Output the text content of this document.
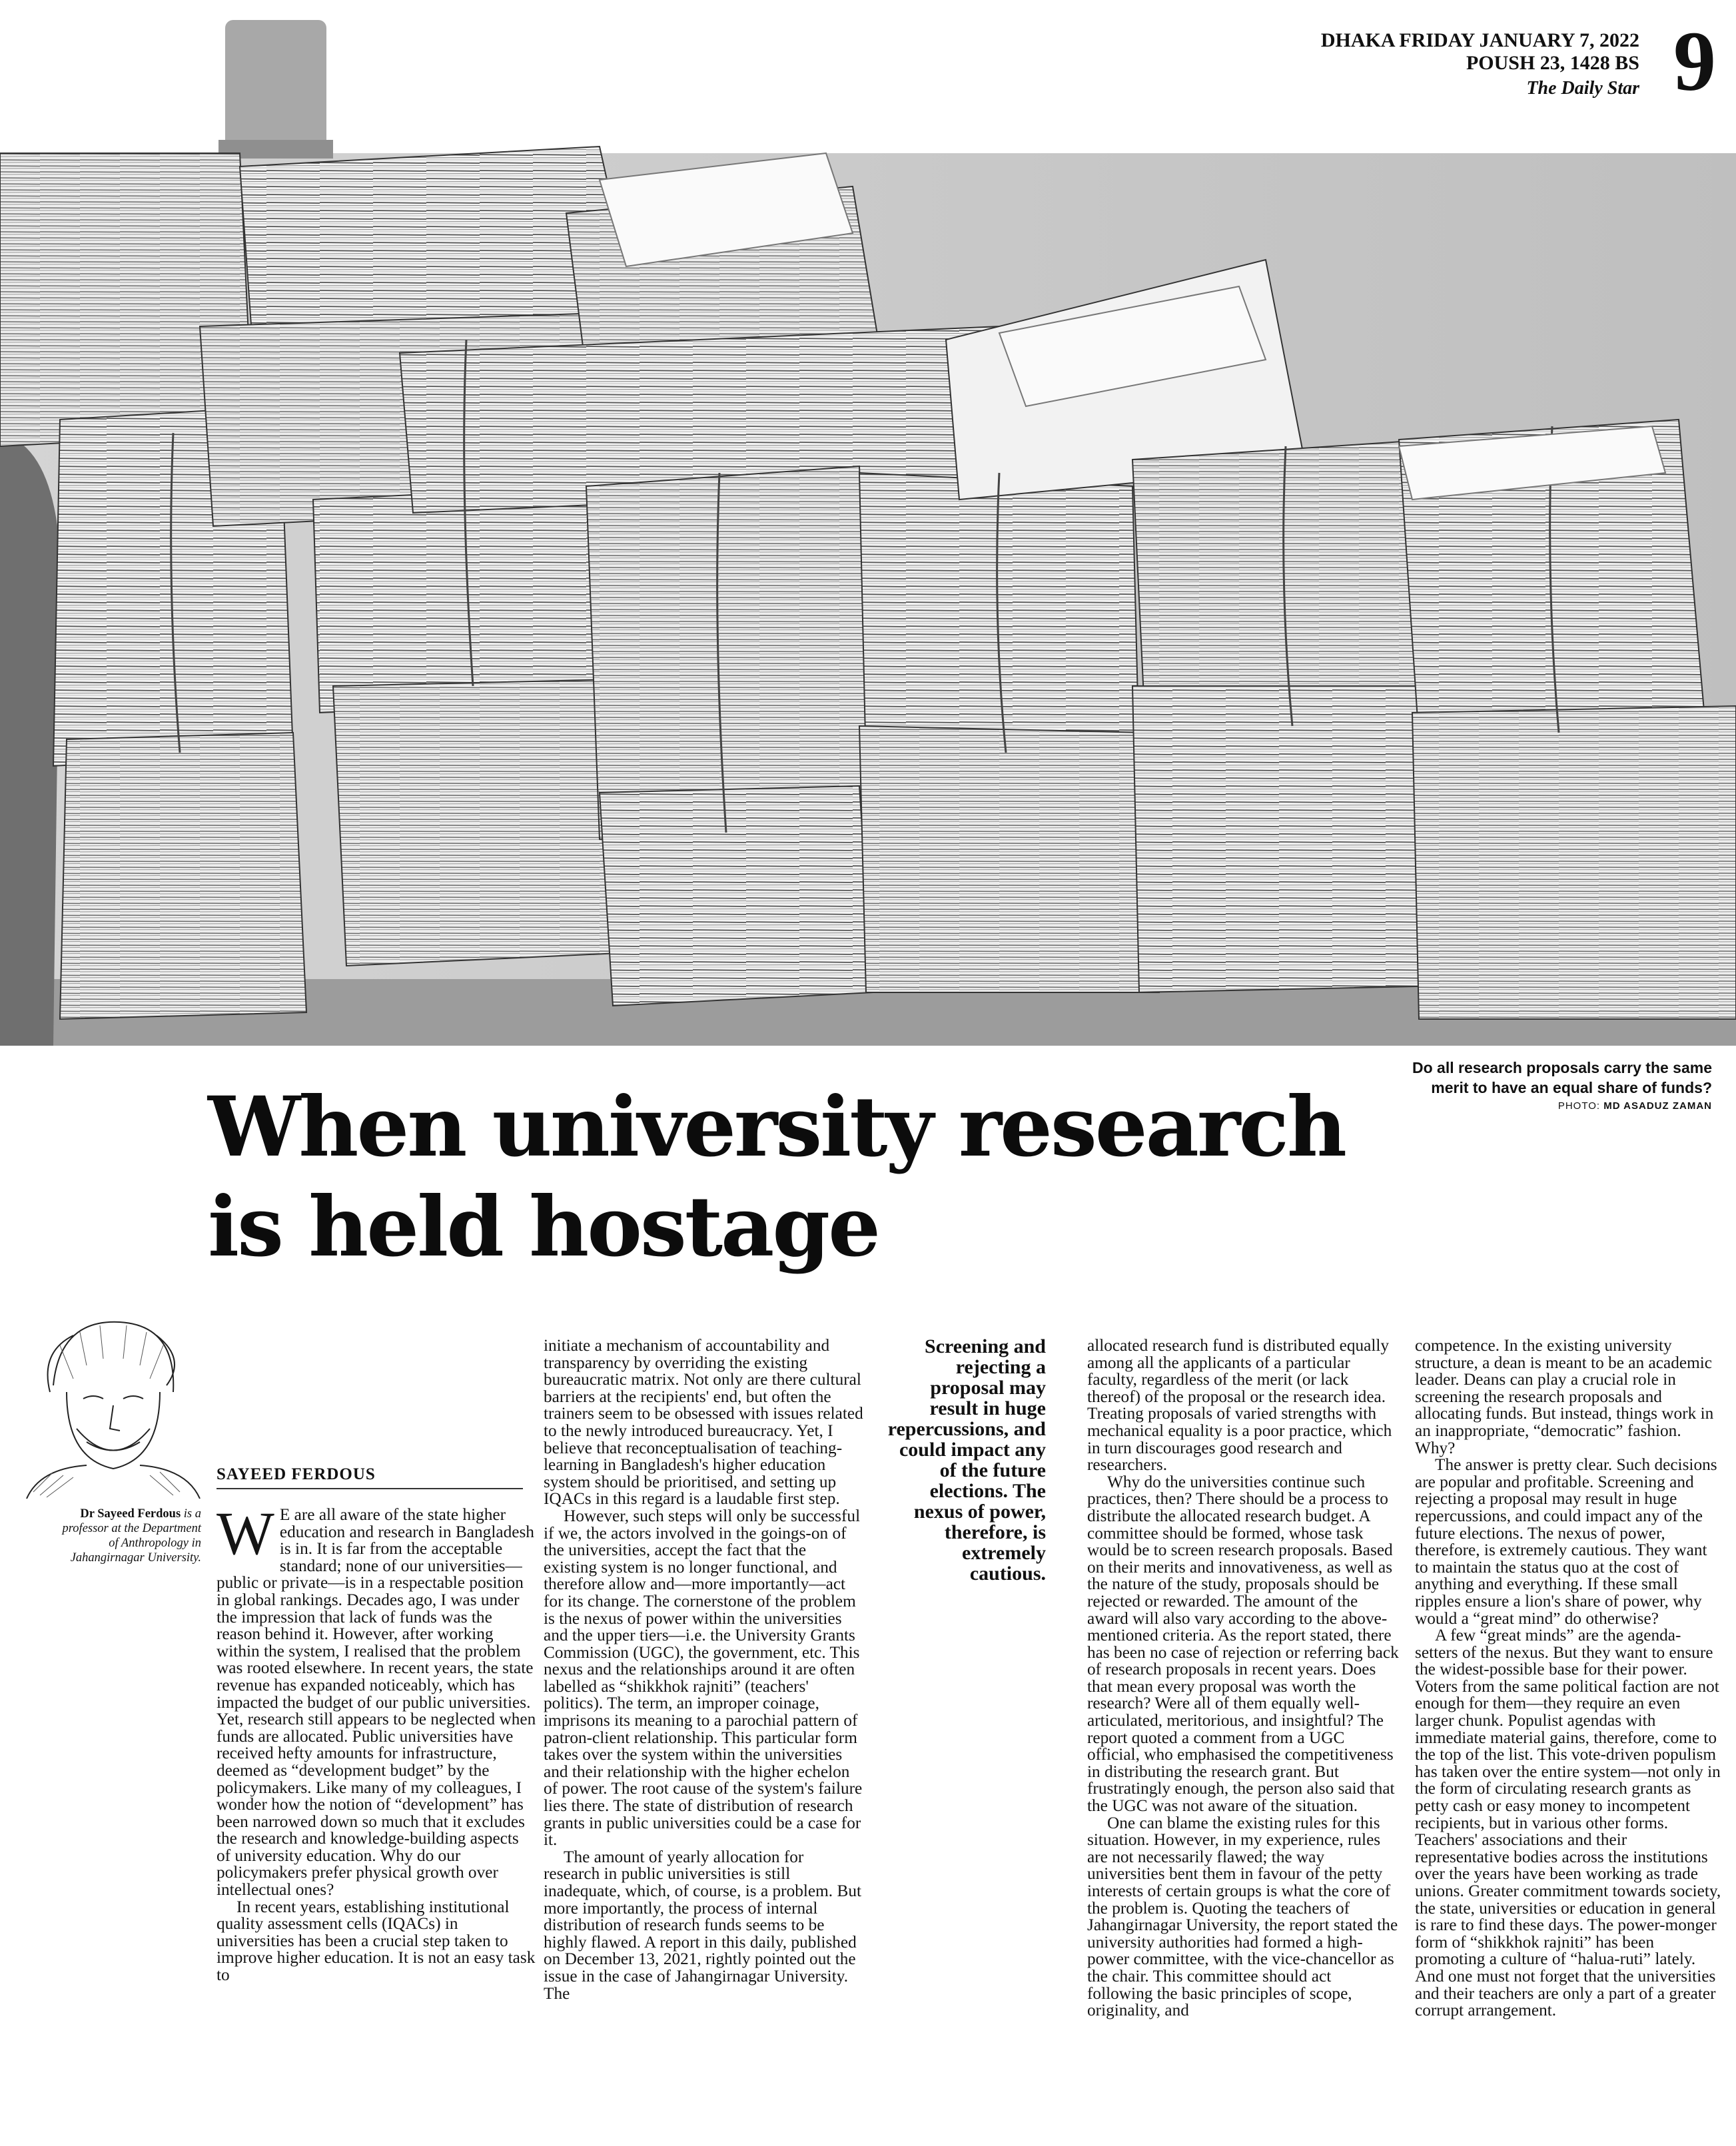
DHAKA FRIDAY JANUARY 7, 2022
POUSH 23, 1428 BS
The Daily Star 9
Do all research proposals carry the same
merit to have an equal share of funds?
PHOTO: MD ASADUZ ZAMAN
When university research
is held hostage
SAYEED FERDOUS
Dr Sayeed Ferdous is a professor at the Department of Anthropology in Jahangirnagar University. W E are all aware of the state higher education and research in Bangladesh is in. It is far from the acceptable standard; none of our universities—public or private—is in a respectable position in global rankings. Decades ago, I was under the impression that lack of funds was the reason behind it. However, after working within the system, I realised that the problem was rooted elsewhere. In recent years, the state revenue has expanded noticeably, which has impacted the budget of our public universities. Yet, research still appears to be neglected when funds are allocated. Public universities have received hefty amounts for infrastructure, deemed as “development budget” by the policymakers. Like many of my colleagues, I wonder how the notion of “development” has been narrowed down so much that it excludes the research and knowledge-building aspects of university education. Why do our policymakers prefer physical growth over intellectual ones?

In recent years, establishing institutional quality assessment cells (IQACs) in universities has been a crucial step taken to improve higher education. It is not an easy task to

initiate a mechanism of accountability and transparency by overriding the existing bureaucratic matrix. Not only are there cultural barriers at the recipients' end, but often the trainers seem to be obsessed with issues related to the newly introduced bureaucracy. Yet, I believe that reconceptualisation of teaching-learning in Bangladesh's higher education system should be prioritised, and setting up IQACs in this regard is a laudable first step.

However, such steps will only be successful if we, the actors involved in the goings-on of the universities, accept the fact that the existing system is no longer functional, and therefore allow and—more importantly—act for its change. The cornerstone of the problem is the nexus of power within the universities and the upper tiers—i.e. the University Grants Commission (UGC), the government, etc. This nexus and the relationships around it are often labelled as “shikkhok rajniti” (teachers' politics). The term, an improper coinage, imprisons its meaning to a parochial pattern of patron-client relationship. This particular form takes over the system within the universities and their relationship with the higher echelon of power. The root cause of the system's failure lies there. The state of distribution of research grants in public universities could be a case for it.

The amount of yearly allocation for research in public universities is still inadequate, which, of course, is a problem. But more importantly, the process of internal distribution of research funds seems to be highly flawed. A report in this daily, published on December 13, 2021, rightly pointed out the issue in the case of Jahangirnagar University. The

Screening and rejecting a proposal may result in huge repercussions, and could impact any of the future elections. The nexus of power, therefore, is extremely cautious.

allocated research fund is distributed equally among all the applicants of a particular faculty, regardless of the merit (or lack thereof) of the proposal or the research idea. Treating proposals of varied strengths with mechanical equality is a poor practice, which in turn discourages good research and researchers.

Why do the universities continue such practices, then? There should be a process to distribute the allocated research budget. A committee should be formed, whose task would be to screen research proposals. Based on their merits and innovativeness, as well as the nature of the study, proposals should be rejected or rewarded. The amount of the award will also vary according to the above-mentioned criteria. As the report stated, there has been no case of rejection or referring back of research proposals in recent years. Does that mean every proposal was worth the research? Were all of them equally well-articulated, meritorious, and insightful? The report quoted a comment from a UGC official, who emphasised the competitiveness in distributing the research grant. But frustratingly enough, the person also said that the UGC was not aware of the situation.

One can blame the existing rules for this situation. However, in my experience, rules are not necessarily flawed; the way universities bent them in favour of the petty interests of certain groups is what the core of the problem is. Quoting the teachers of Jahangirnagar University, the report stated the university authorities had formed a high-power committee, with the vice-chancellor as the chair. This committee should act following the basic principles of scope, originality, and

competence. In the existing university structure, a dean is meant to be an academic leader. Deans can play a crucial role in screening the research proposals and allocating funds. But instead, things work in an inappropriate, “democratic” fashion. Why?

The answer is pretty clear. Such decisions are popular and profitable. Screening and rejecting a proposal may result in huge repercussions, and could impact any of the future elections. The nexus of power, therefore, is extremely cautious. They want to maintain the status quo at the cost of anything and everything. If these small ripples ensure a lion's share of power, why would a “great mind” do otherwise?

A few “great minds” are the agenda-setters of the nexus. But they want to ensure the widest-possible base for their power. Voters from the same political faction are not enough for them—they require an even larger chunk. Populist agendas with immediate material gains, therefore, come to the top of the list. This vote-driven populism has taken over the entire system—not only in the form of circulating research grants as petty cash or easy money to incompetent recipients, but in various other forms. Teachers' associations and their representative bodies across the institutions over the years have been working as trade unions. Greater commitment towards society, the state, universities or education in general is rare to find these days. The power-monger form of “shikkhok rajniti” has been promoting a culture of “halua-ruti” lately. And one must not forget that the universities and their teachers are only a part of a greater corrupt arrangement.
